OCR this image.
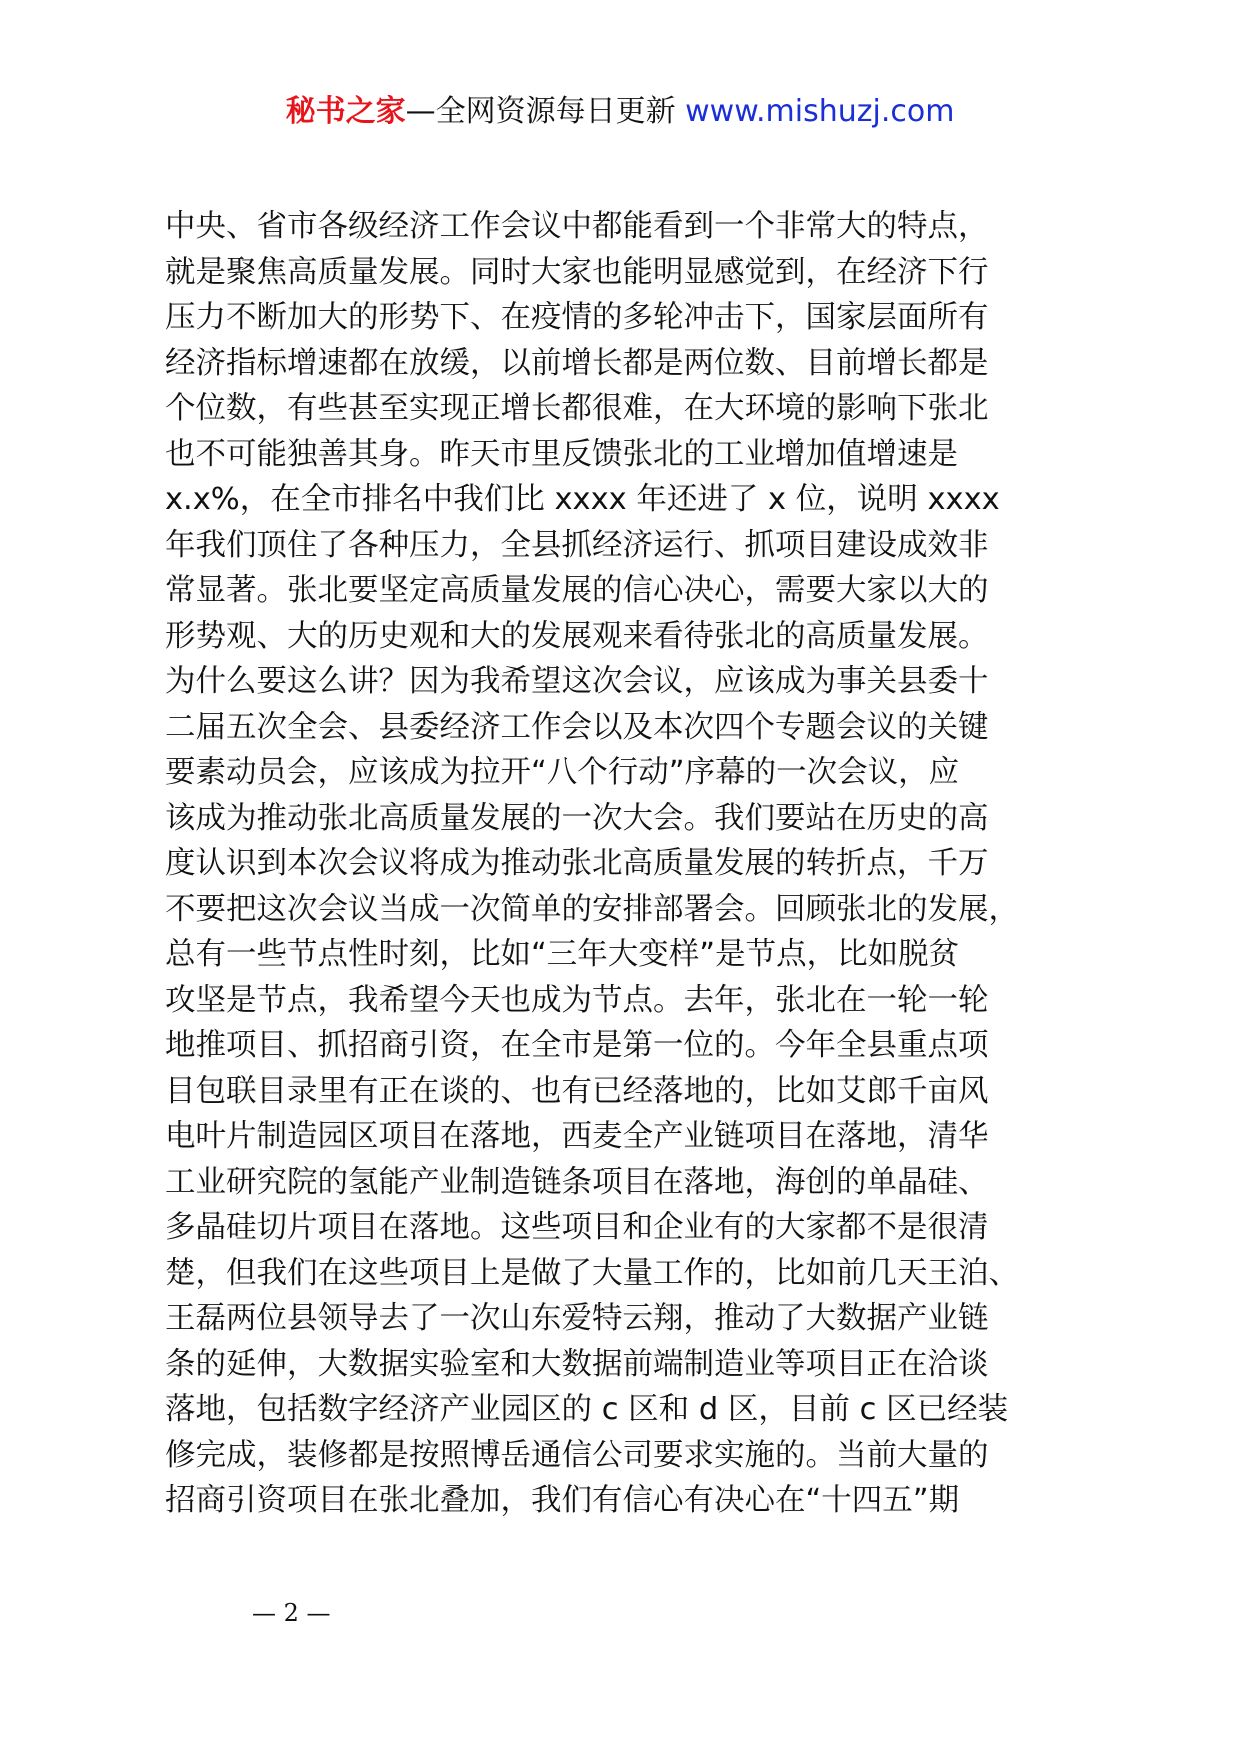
秘书之家—全网资源每日更新 www.mishuzj.com
中央、省市各级经济工作会议中都能看到一个非常大的特点，
就是聚焦高质量发展。同时大家也能明显感觉到，在经济下行
压力不断加大的形势下、在疫情的多轮冲击下，国家层面所有
经济指标增速都在放缓，以前增长都是两位数、目前增长都是
个位数，有些甚至实现正增长都很难，在大环境的影响下张北
也不可能独善其身。昨天市里反馈张北的工业增加值增速是
x.x%，在全市排名中我们比 xxxx 年还进了 x 位，说明 xxxx
年我们顶住了各种压力，全县抓经济运行、抓项目建设成效非
常显著。张北要坚定高质量发展的信心决心，需要大家以大的
形势观、大的历史观和大的发展观来看待张北的高质量发展。
为什么要这么讲？因为我希望这次会议，应该成为事关县委十
二届五次全会、县委经济工作会以及本次四个专题会议的关键
要素动员会，应该成为拉开“八个行动”序幕的一次会议，应
该成为推动张北高质量发展的一次大会。我们要站在历史的高
度认识到本次会议将成为推动张北高质量发展的转折点，千万
不要把这次会议当成一次简单的安排部署会。回顾张北的发展，
总有一些节点性时刻，比如“三年大变样”是节点，比如脱贫
攻坚是节点，我希望今天也成为节点。去年，张北在一轮一轮
地推项目、抓招商引资，在全市是第一位的。今年全县重点项
目包联目录里有正在谈的、也有已经落地的，比如艾郎千亩风
电叶片制造园区项目在落地，西麦全产业链项目在落地，清华
工业研究院的氢能产业制造链条项目在落地，海创的单晶硅、
多晶硅切片项目在落地。这些项目和企业有的大家都不是很清
楚，但我们在这些项目上是做了大量工作的，比如前几天王泊、
王磊两位县领导去了一次山东爱特云翔，推动了大数据产业链
条的延伸，大数据实验室和大数据前端制造业等项目正在洽谈
落地，包括数字经济产业园区的 c 区和 d 区，目前 c 区已经装
修完成，装修都是按照博岳通信公司要求实施的。当前大量的
招商引资项目在张北叠加，我们有信心有决心在“十四五”期
— 2 —
